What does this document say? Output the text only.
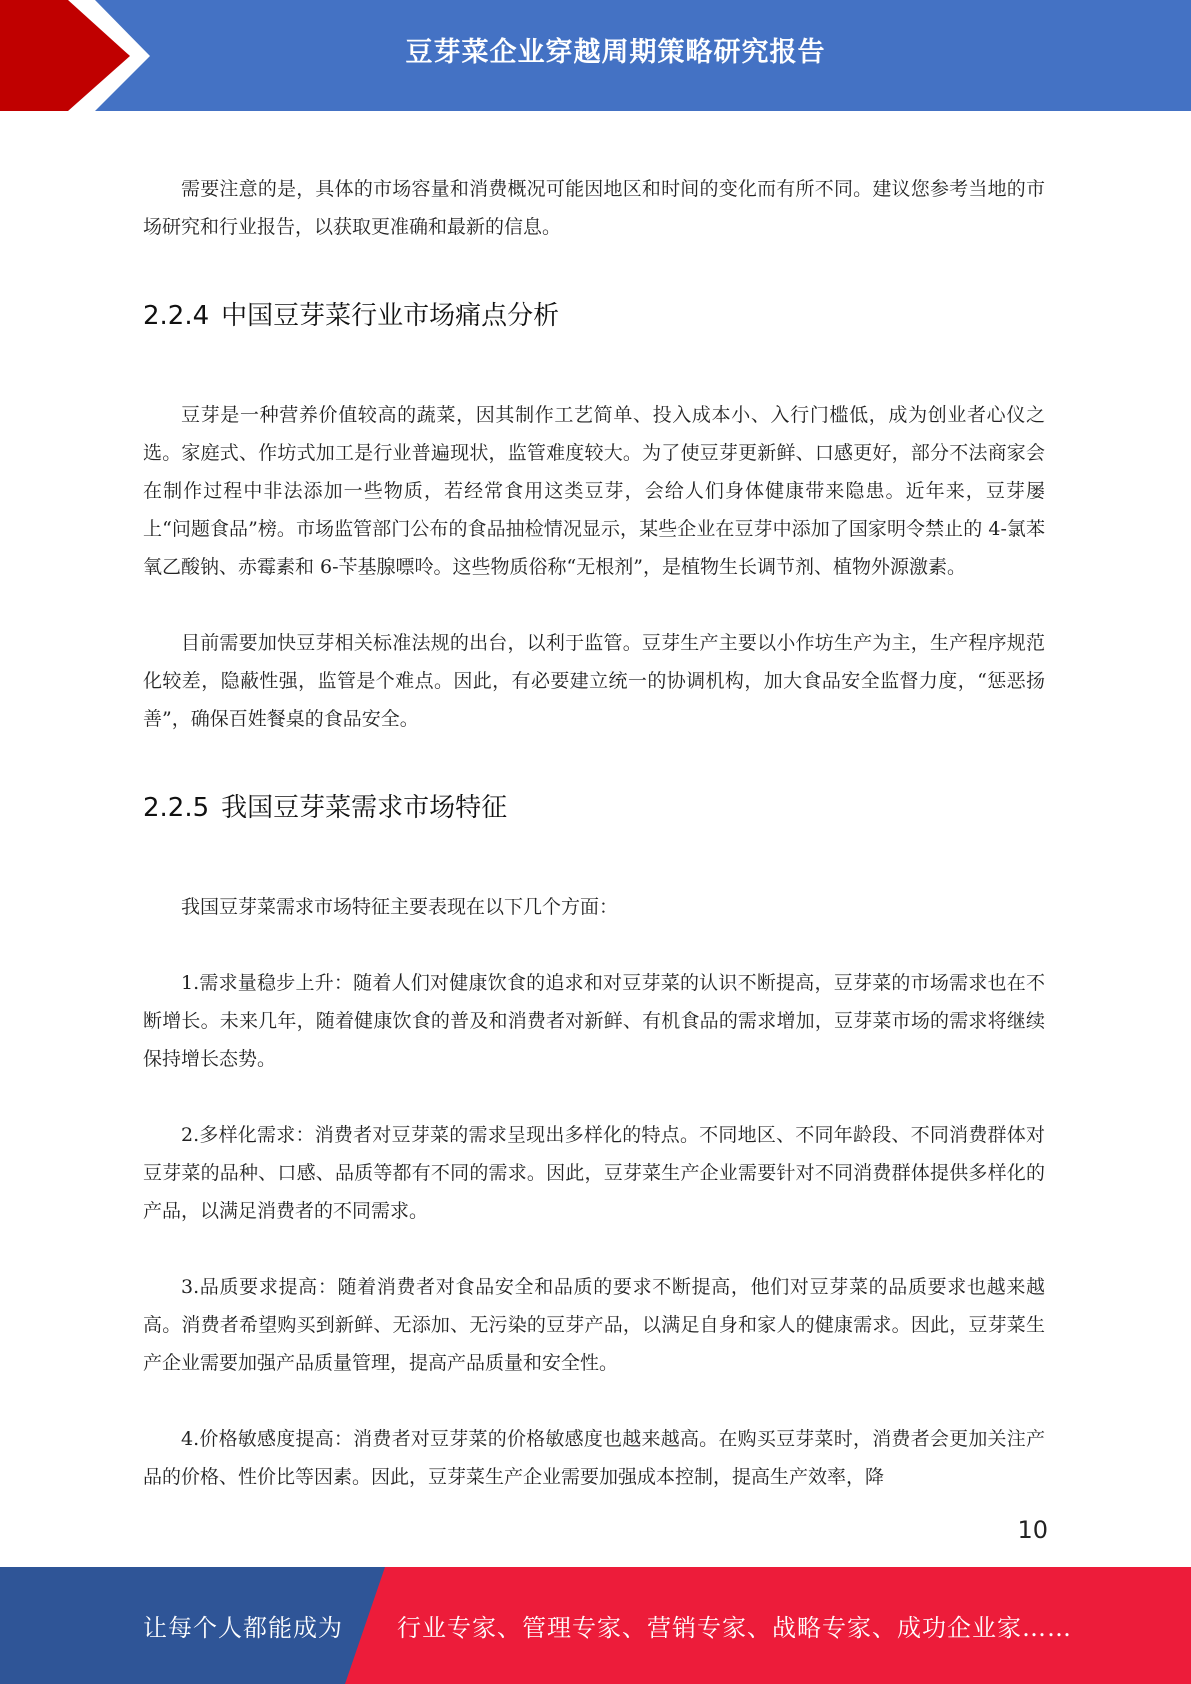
豆芽菜企业穿越周期策略研究报告

需要注意的是，具体的市场容量和消费概况可能因地区和时间的变化而有所不同。建议您参考当地的市场研究和行业报告，以获取更准确和最新的信息。

2.2.4 中国豆芽菜行业市场痛点分析

豆芽是一种营养价值较高的蔬菜，因其制作工艺简单、投入成本小、入行门槛低，成为创业者心仪之选。家庭式、作坊式加工是行业普遍现状，监管难度较大。为了使豆芽更新鲜、口感更好，部分不法商家会在制作过程中非法添加一些物质，若经常食用这类豆芽，会给人们身体健康带来隐患。近年来，豆芽屡上“问题食品”榜。市场监管部门公布的食品抽检情况显示，某些企业在豆芽中添加了国家明令禁止的 4-氯苯氧乙酸钠、赤霉素和 6-苄基腺嘌呤。这些物质俗称“无根剂”，是植物生长调节剂、植物外源激素。

目前需要加快豆芽相关标准法规的出台，以利于监管。豆芽生产主要以小作坊生产为主，生产程序规范化较差，隐蔽性强，监管是个难点。因此，有必要建立统一的协调机构，加大食品安全监督力度，“惩恶扬善”，确保百姓餐桌的食品安全。

2.2.5 我国豆芽菜需求市场特征

我国豆芽菜需求市场特征主要表现在以下几个方面：

1.需求量稳步上升：随着人们对健康饮食的追求和对豆芽菜的认识不断提高，豆芽菜的市场需求也在不断增长。未来几年，随着健康饮食的普及和消费者对新鲜、有机食品的需求增加，豆芽菜市场的需求将继续保持增长态势。

2.多样化需求：消费者对豆芽菜的需求呈现出多样化的特点。不同地区、不同年龄段、不同消费群体对豆芽菜的品种、口感、品质等都有不同的需求。因此，豆芽菜生产企业需要针对不同消费群体提供多样化的产品，以满足消费者的不同需求。

3.品质要求提高：随着消费者对食品安全和品质的要求不断提高，他们对豆芽菜的品质要求也越来越高。消费者希望购买到新鲜、无添加、无污染的豆芽产品，以满足自身和家人的健康需求。因此，豆芽菜生产企业需要加强产品质量管理，提高产品质量和安全性。

4.价格敏感度提高：消费者对豆芽菜的价格敏感度也越来越高。在购买豆芽菜时，消费者会更加关注产品的价格、性价比等因素。因此，豆芽菜生产企业需要加强成本控制，提高生产效率，降

10
让每个人都能成为 行业专家、管理专家、营销专家、战略专家、成功企业家……
